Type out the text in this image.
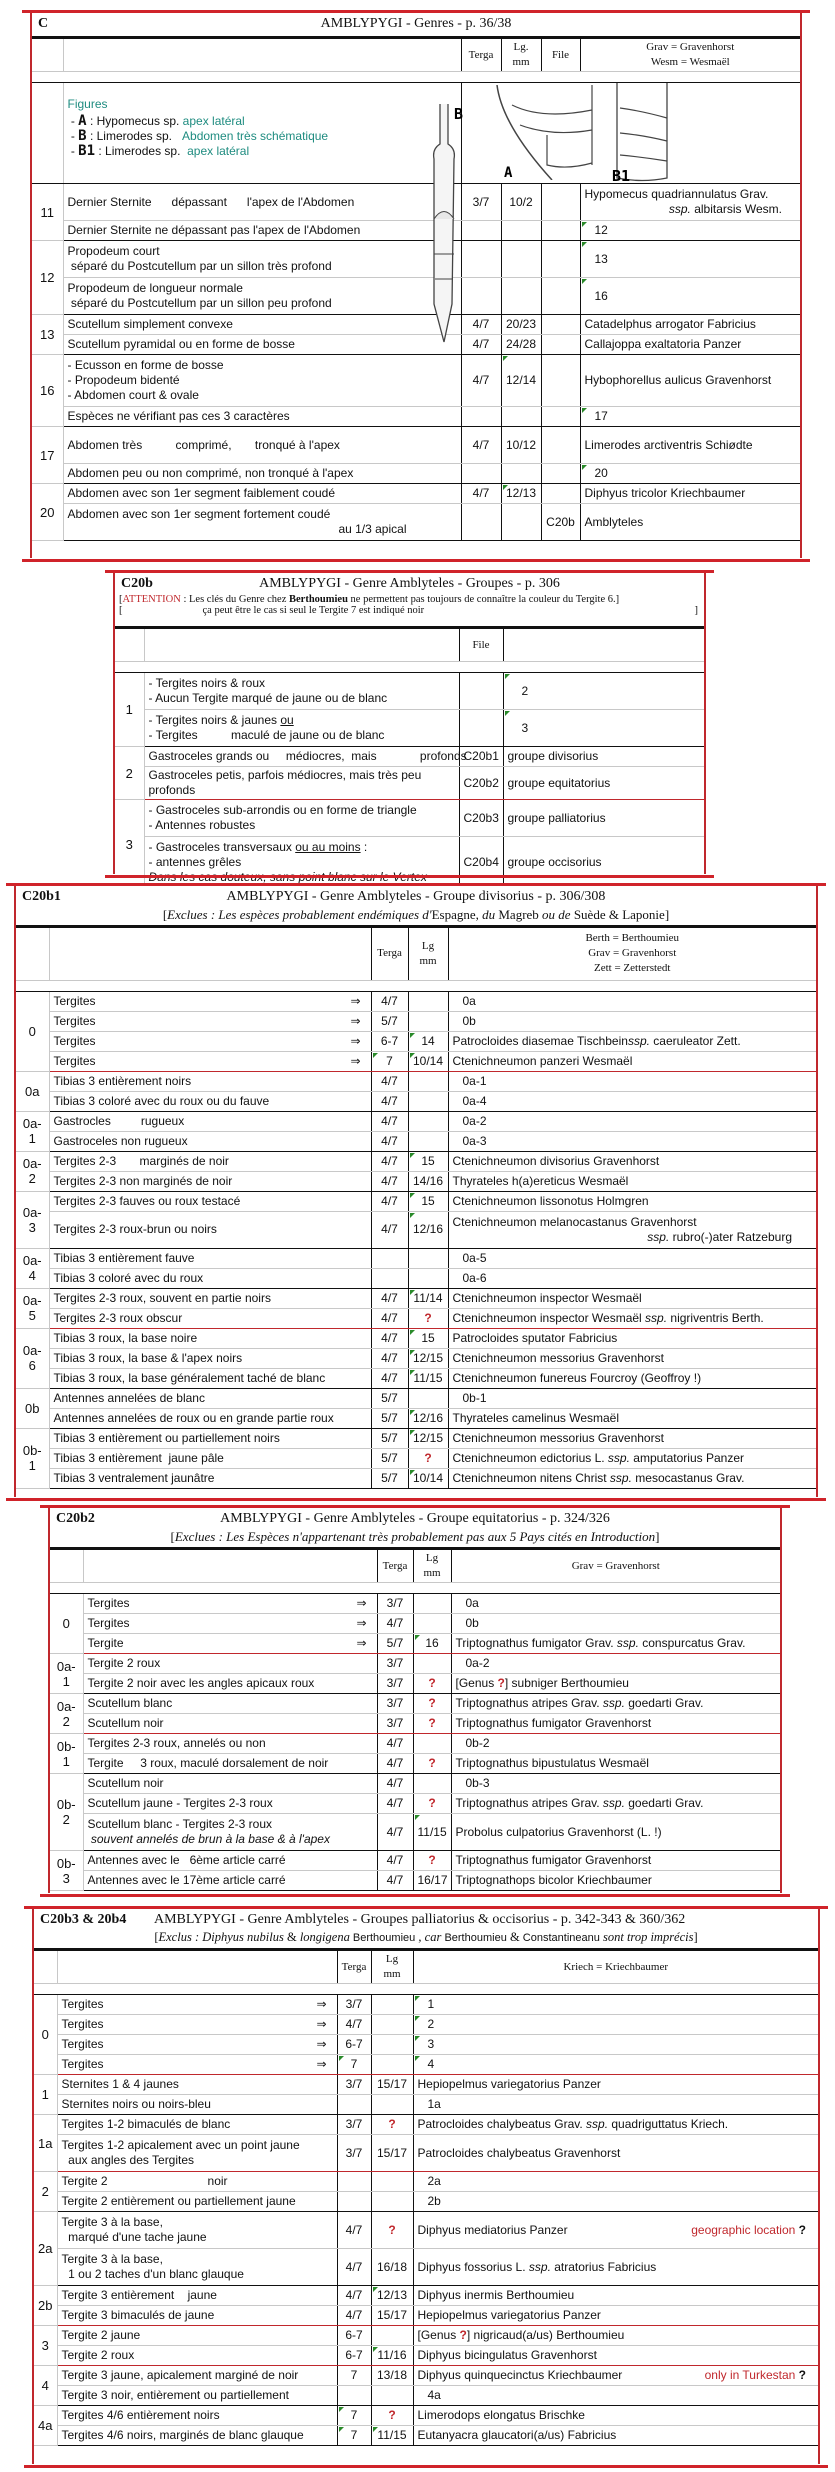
C	AMBLYPYGI - Genres - p. 36/38
		Terga	Lg.
mm	File	Grav = Gravenhorst
Wesm = Wesmaël

Figures
- A : Hypomecus sp. apex latéral
- B : Limerodes sp. Abdomen très schématique
- B1 : Limerodes sp. apex latéral

A	B1

11	Dernier Sternite      dépassant      l'apex de l'Abdomen	3/7	10/2		Hypomecus quadriannulatus Grav.

ssp. albitarsis Wesm.

	Dernier Sternite ne dépassant pas l'apex de l'Abdomen				12
12	Propodeum court
séparé du Postcutellum par un sillon très profond				13
	Propodeum de longueur normale
séparé du Postcutellum par un sillon peu profond				16
13	Scutellum simplement convexe	4/7	20/23		Catadelphus arrogator Fabricius
	Scutellum pyramidal ou en forme de bosse	4/7	24/28		Callajoppa exaltatoria Panzer
16	- Ecusson en forme de bosse
- Propodeum bidenté
- Abdomen court & ovale	4/7	12/14		Hybophorellus aulicus Gravenhorst
	Espèces ne vérifiant pas ces 3 caractères				17
17	Abdomen très          comprimé,       tronqué à l'apex	4/7	10/12		Limerodes arctiventris Schiødte
	Abdomen peu ou non comprimé, non tronqué à l'apex				20
20	Abdomen avec son 1er segment faiblement coudé	4/7	12/13		Diphyus tricolor Kriechbaumer
	Abdomen avec son 1er segment fortement coudé

au 1/3 apical			C20b	Amblyteles
B
C20b	AMBLYPYGI - Genre Amblyteles - Groupes - p. 306
[ATTENTION : Les clés du Genre chez Berthoumieu ne permettent pas toujours de connaître la couleur du Tergite 6.]
[	ça peut être le cas si seul le Tergite 7 est indiqué noir	]
		File	

1	- Tergites noirs & roux
- Aucun Tergite marqué de jaune ou de blanc		2
	- Tergites noirs & jaunes ou
- Tergites          maculé de jaune ou de blanc		3
2	Gastroceles grands ou     médiocres,  mais             profonds	C20b1	groupe divisorius
	Gastroceles petis, parfois médiocres, mais très peu profonds	C20b2	groupe equitatorius
3	- Gastroceles sub-arrondis ou en forme de triangle
- Antennes robustes	C20b3	groupe palliatorius
	- Gastroceles transversaux ou au moins :
- antennes grêles	C20b4	groupe occisorius
C20b1	AMBLYPYGI - Genre Amblyteles - Groupe divisorius - p. 306/308
[Exclues : Les espèces probablement endémiques d'Espagne, du Magreb ou de Suède & Laponie]
		Terga	Lg
mm	Berth = Berthoumieu
Grav = Gravenhorst
Zett = Zetterstedt

0	Tergites ⇒	4/7		0a
	Tergites ⇒	5/7		0b
	Tergites ⇒	6-7	14	Patrocloides diasemae Tischbeinssp. caeruleator Zett.
	Tergites ⇒	7	10/14	Ctenichneumon panzeri Wesmaël
0a	Tibias 3 entièrement noirs	4/7		0a-1
	Tibias 3 coloré avec du roux ou du fauve	4/7		0a-4
0a-1	Gastrocles         rugueux	4/7		0a-2
	Gastroceles non rugueux	4/7		0a-3
0a-2	Tergites 2-3       marginés de noir	4/7	15	Ctenichneumon divisorius Gravenhorst
	Tergites 2-3 non marginés de noir	4/7	14/16	Thyrateles h(a)ereticus Wesmaël
0a-3	Tergites 2-3 fauves ou roux testacé	4/7	15	Ctenichneumon lissonotus Holmgren
	Tergites 2-3 roux-brun ou noirs	4/7	12/16	Ctenichneumon melanocastanus Gravenhorst

ssp. rubro(-)ater Ratzeburg

0a-4	Tibias 3 entièrement fauve			0a-5
	Tibias 3 coloré avec du roux			0a-6
0a-5	Tergites 2-3 roux, souvent en partie noirs	4/7	11/14	Ctenichneumon inspector Wesmaël
	Tergites 2-3 roux obscur	4/7	?	Ctenichneumon inspector Wesmaël ssp. nigriventris Berth.
0a-6	Tibias 3 roux, la base noire	4/7	15	Patrocloides sputator Fabricius
	Tibias 3 roux, la base & l'apex noirs	4/7	12/15	Ctenichneumon messorius Gravenhorst
	Tibias 3 roux, la base généralement taché de blanc	4/7	11/15	Ctenichneumon funereus Fourcroy (Geoffroy !)
0b	Antennes annelées de blanc	5/7		0b-1
	Antennes annelées de roux ou en grande partie roux	5/7	12/16	Thyrateles camelinus Wesmaël
0b-1	Tibias 3 entièrement ou partiellement noirs	5/7	12/15	Ctenichneumon messorius Gravenhorst
	Tibias 3 entièrement  jaune pâle	5/7	?	Ctenichneumon edictorius L. ssp. amputatorius Panzer
	Tibias 3 ventralement jaunâtre	5/7	10/14	Ctenichneumon nitens Christ ssp. mesocastanus Grav.
C20b2	AMBLYPYGI - Genre Amblyteles - Groupe equitatorius - p. 324/326
[Exclues : Les Espèces n'appartenant très probablement pas aux 5 Pays cités en Introduction]
		Terga	Lg
mm	Grav = Gravenhorst

0	Tergites ⇒	3/7		0a
	Tergites ⇒	4/7		0b
	Tergite ⇒	5/7	16	Triptognathus fumigator Grav. ssp. conspurcatus Grav.
0a-1	Tergite 2 roux	3/7		0a-2
	Tergite 2 noir avec les angles apicaux roux	3/7	?	[Genus ?] subniger Berthoumieu
0a-2	Scutellum blanc	3/7	?	Triptognathus atripes Grav. ssp. goedarti Grav.
	Scutellum noir	3/7	?	Triptognathus fumigator Gravenhorst
0b-1	Tergites 2-3 roux, annelés ou non	4/7		0b-2
	Tergite     3 roux, maculé dorsalement de noir	4/7	?	Triptognathus bipustulatus Wesmaël
0b-2	Scutellum noir	4/7		0b-3
	Scutellum jaune - Tergites 2-3 roux	4/7	?	Triptognathus atripes Grav. ssp. goedarti Grav.
	Scutellum blanc - Tergites 2-3 roux
souvent annelés de brun à la base & à l'apex	4/7	11/15	Probolus culpatorius Gravenhorst (L. !)
0b-3	Antennes avec le   6ème article carré	4/7	?	Triptognathus fumigator Gravenhorst
	Antennes avec le 17ème article carré	4/7	16/17	Triptognathops bicolor Kriechbaumer
C20b3 & 20b4	AMBLYPYGI - Genre Amblyteles - Groupes palliatorius & occisorius - p. 342-343 & 360/362
[Exclus : Diphyus nubilus & longigena Berthoumieu , car Berthoumieu & Constantineanu sont trop imprécis]
		Terga	Lg
mm	Kriech = Kriechbaumer

0	Tergites ⇒	3/7		1
	Tergites ⇒	4/7		2
	Tergites ⇒	6-7		3
	Tergites ⇒	7		4
1	Sternites 1 & 4 jaunes	3/7	15/17	Hepiopelmus variegatorius Panzer
	Sternites noirs ou noirs-bleu			1a
1a	Tergites 1-2 bimaculés de blanc	3/7	?	Patrocloides chalybeatus Grav. ssp. quadriguttatus Kriech.
	Tergites 1-2 apicalement avec un point jaune
aux angles des Tergites	3/7	15/17	Patrocloides chalybeatus Gravenhorst
2	Tergite 2                              noir			2a
	Tergite 2 entièrement ou partiellement jaune			2b
2a	Tergite 3 à la base,
marqué d'une tache jaune	4/7	?	Diphyus mediatorius Panzer geographic location ?

	Tergite 3 à la base,
1 ou 2 taches d'un blanc glauque	4/7	16/18	Diphyus fossorius L. ssp. atratorius Fabricius
2b	Tergite 3 entièrement    jaune	4/7	12/13	Diphyus inermis Berthoumieu
	Tergite 3 bimaculés de jaune	4/7	15/17	Hepiopelmus variegatorius Panzer
3	Tergite 2 jaune	6-7		[Genus ?] nigricaud(a/us) Berthoumieu
	Tergite 2 roux	6-7	11/16	Diphyus bicingulatus Gravenhorst
4	Tergite 3 jaune, apicalement marginé de noir	7	13/18	Diphyus quinquecinctus Kriechbaumer only in Turkestan ?

	Tergite 3 noir, entièrement ou partiellement			4a
4a	Tergites 4/6 entièrement noirs	7	?	Limerodops elongatus Brischke
	Tergites 4/6 noirs, marginés de blanc glauque	7	11/15	Eutanyacra glaucatori(a/us) Fabricius
